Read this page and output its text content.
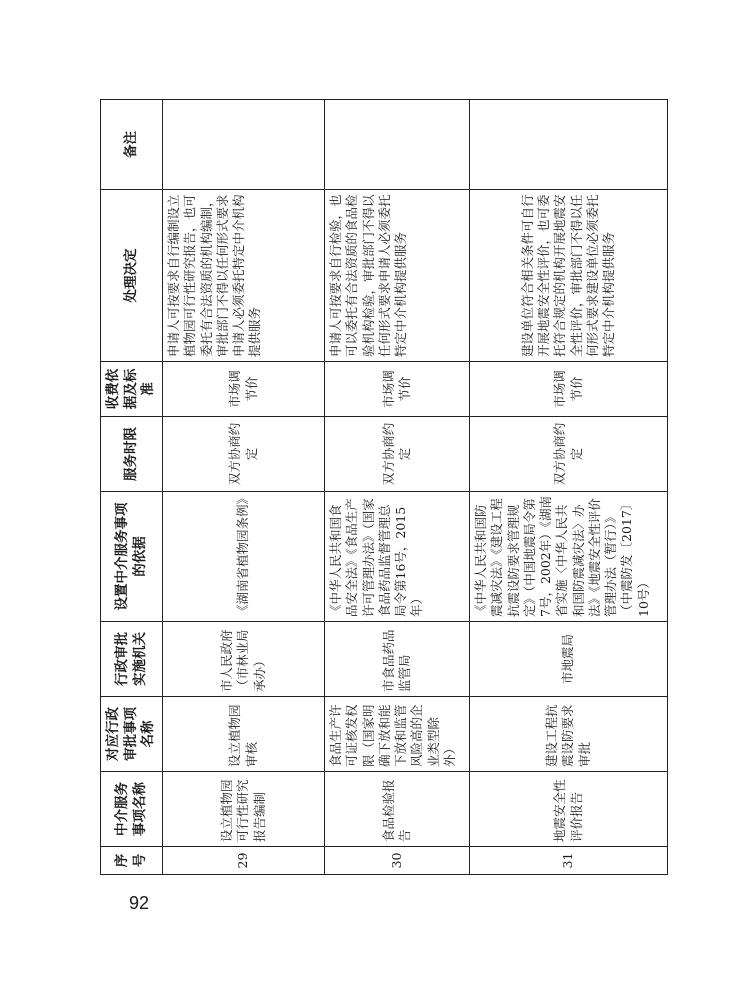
92
序号	中介服务事项名称	对应行政审批事项名称	行政审批实施机关	设置中介服务事项的依据	服务时限	收费依据及标准	处理决定	备注
29	设立植物园可行性研究报告编制	设立植物园审核	市人民政府（市林业局承办）	《湖南省植物园条例》	双方协商约定	市场调节价	申请人可按要求自行编制设立植物园可行性研究报告，也可委托有合法资质的机构编制，审批部门不得以任何形式要求申请人必须委托特定中介机构提供服务	
30	食品检验报告	食品生产许可证核发权限（国家明确下放和能下放和监管风险高的企业类型除外）	市食品药品监管局	《中华人民共和国食品安全法》《食品生产许可管理办法》（国家食品药品监督管理总局令第16号，2015年）	双方协商约定	市场调节价	申请人可按要求自行检验，也可以委托有合法资质的食品检验机构检验，审批部门不得以任何形式要求申请人必须委托特定中介机构提供服务	
31	地震安全性评价报告	建设工程抗震设防要求审批	市地震局	《中华人民共和国防震减灾法》《建设工程抗震设防要求管理规定》（中国地震局令第7号，2002年）《湖南省实施〈中华人民共和国防震减灾法〉办法》《地震安全性评价管理办法（暂行）》（中震防发〔2017〕10号）	双方协商约定	市场调节价	建设单位符合相关条件可自行开展地震安全性评价，也可委托符合规定的机构开展地震安全性评价，审批部门不得以任何形式要求建设单位必须委托特定中介机构提供服务	
